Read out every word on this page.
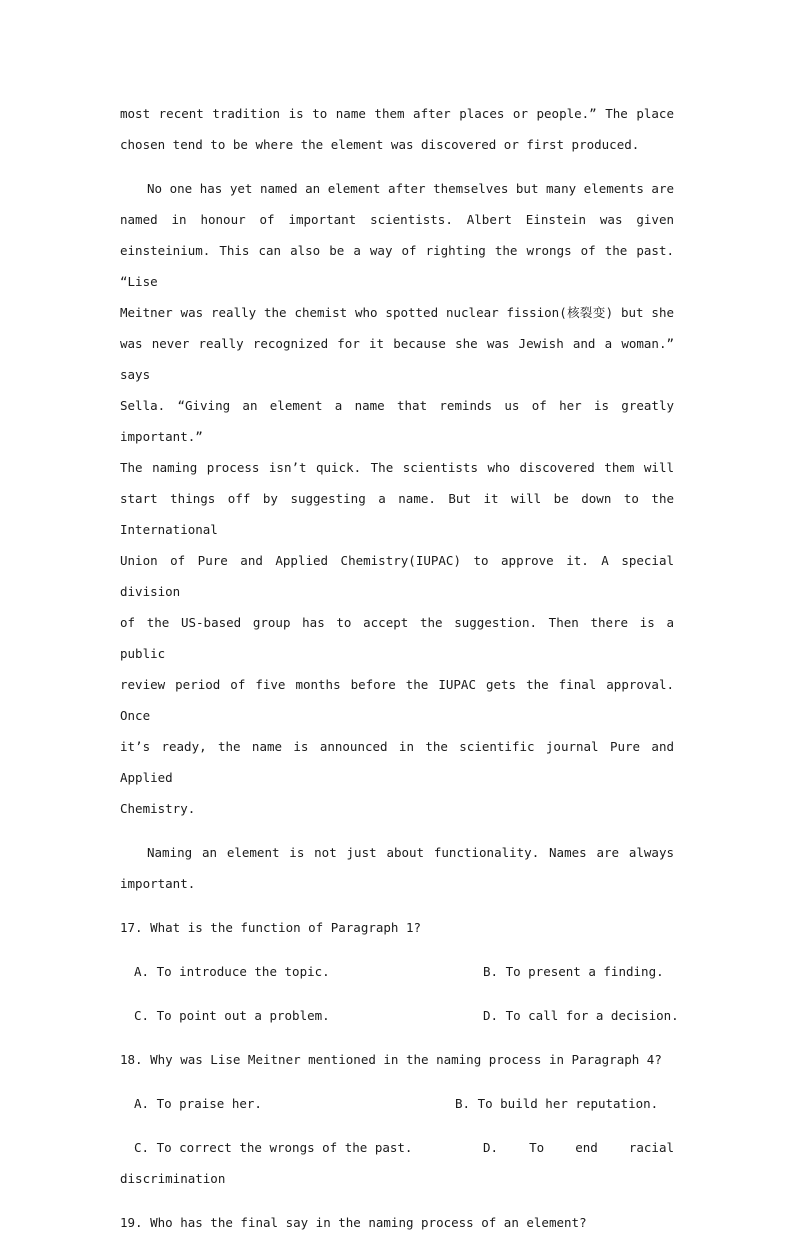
most recent tradition is to name them after places or people.” The place
chosen tend to be where the element was discovered or first produced.

No one has yet named an element after themselves but many elements are
named in honour of important scientists. Albert Einstein was given
einsteinium. This can also be a way of righting the wrongs of the past. “Lise
Meitner was really the chemist who spotted nuclear fission(核裂变) but she
was never really recognized for it because she was Jewish and a woman.” says
Sella. “Giving an element a name that reminds us of her is greatly important.”
The naming process isn’t quick. The scientists who discovered them will
start things off by suggesting a name. But it will be down to the International
Union of Pure and Applied Chemistry(IUPAC) to approve it. A special division
of the US-based group has to accept the suggestion. Then there is a public
review period of five months before the IUPAC gets the final approval. Once
it’s ready, the name is announced in the scientific journal Pure and Applied
Chemistry.

Naming an element is not just about functionality. Names are always
important.

17. What is the function of Paragraph 1?

A. To introduce the topic.	B. To present a finding.
C. To point out a problem.	D. To call for a decision.

18. Why was Lise Meitner mentioned in the naming process in Paragraph 4?

A. To praise her.	B. To build her reputation.
C. To correct the wrongs of the past.	D. To end racial

discrimination

19. Who has the final say in the naming process of an element?
